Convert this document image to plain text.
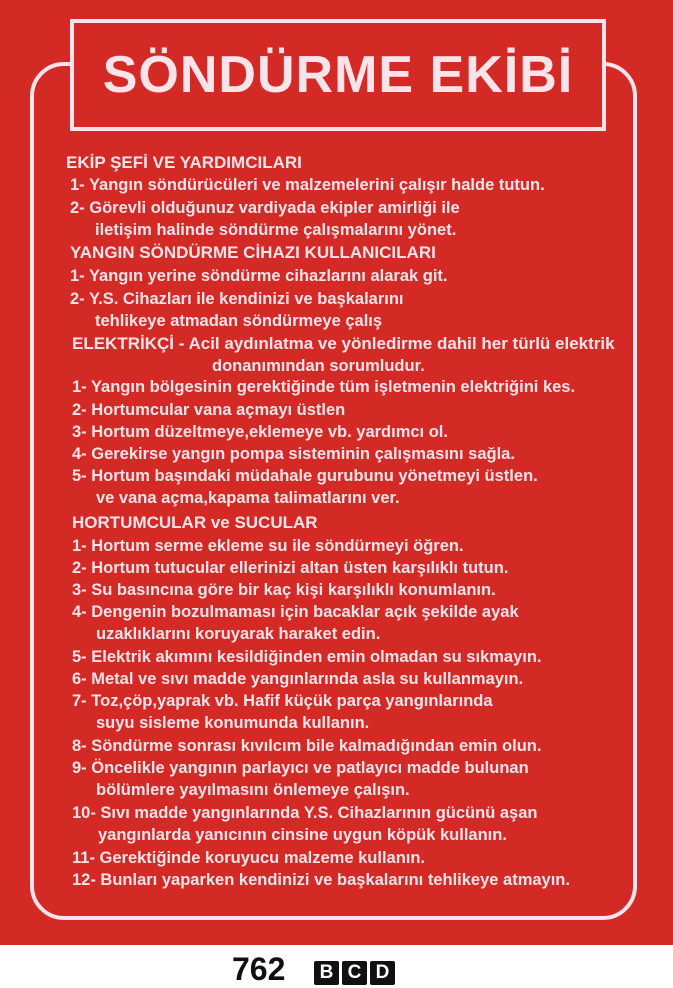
SÖNDÜRME EKİBİ
EKİP ŞEFİ VE YARDIMCILARI
1- Yangın söndürücüleri ve malzemelerini çalışır halde tutun.
2- Görevli olduğunuz vardiyada ekipler amirliği ile
iletişim halinde söndürme çalışmalarını yönet.
YANGIN SÖNDÜRME CİHAZI KULLANICILARI
1- Yangın yerine söndürme cihazlarını alarak git.
2- Y.S. Cihazları ile kendinizi ve başkalarını
tehlikeye atmadan söndürmeye çalış
ELEKTRİKÇİ - Acil aydınlatma ve yönledirme dahil her türlü elektrik
donanımından sorumludur.
1- Yangın bölgesinin gerektiğinde tüm işletmenin elektriğini kes.
2- Hortumcular vana açmayı üstlen
3- Hortum düzeltmeye,eklemeye vb. yardımcı ol.
4- Gerekirse yangın pompa sisteminin çalışmasını sağla.
5- Hortum başındaki müdahale gurubunu yönetmeyi üstlen.
ve vana açma,kapama talimatlarını ver.
HORTUMCULAR ve SUCULAR
1- Hortum serme ekleme su ile söndürmeyi öğren.
2- Hortum tutucular ellerinizi altan üsten karşılıklı tutun.
3- Su basıncına göre bir kaç kişi karşılıklı konumlanın.
4- Dengenin bozulmaması için bacaklar açık şekilde ayak
uzaklıklarını koruyarak haraket edin.
5- Elektrik akımını kesildiğinden emin olmadan su sıkmayın.
6- Metal ve sıvı madde yangınlarında asla su kullanmayın.
7- Toz,çöp,yaprak vb. Hafif küçük parça yangınlarında
suyu sisleme konumunda kullanın.
8- Söndürme sonrası kıvılcım bile kalmadığından emin olun.
9- Öncelikle yangının parlayıcı ve patlayıcı madde bulunan
bölümlere yayılmasını önlemeye çalışın.
10- Sıvı madde yangınlarında Y.S. Cihazlarının gücünü aşan
yangınlarda yanıcının cinsine uygun köpük kullanın.
11- Gerektiğinde koruyucu malzeme kullanın.
12- Bunları yaparken kendinizi ve başkalarını tehlikeye atmayın.
762 B C D
